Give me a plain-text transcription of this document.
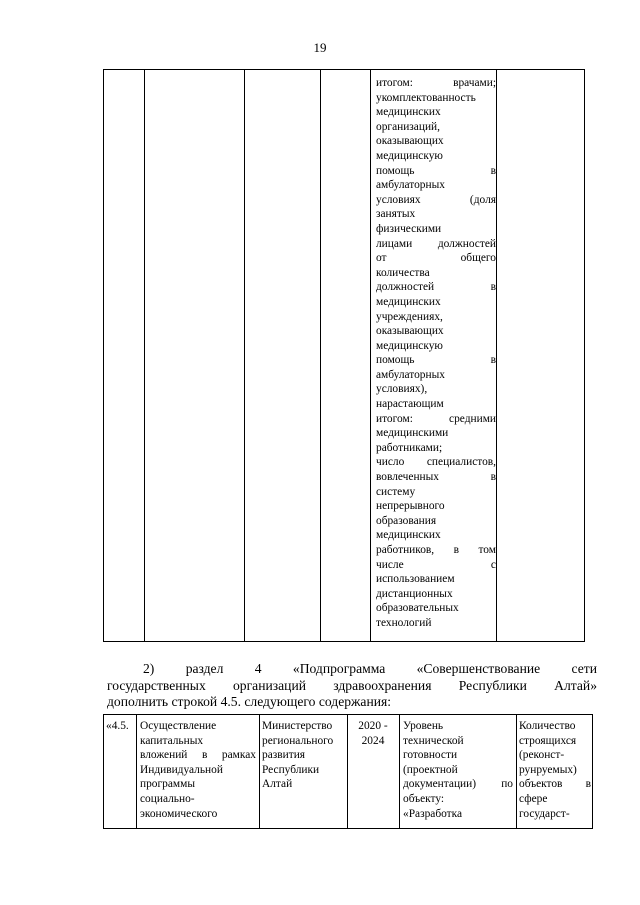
19
итогом: врачами;
укомплектованность
медицинских
организаций,
оказывающих
медицинскую
помощь в
амбулаторных
условиях (доля
занятых
физическими
лицами должностей
от общего
количества
должностей в
медицинских
учреждениях,
оказывающих
медицинскую
помощь в
амбулаторных
условиях),
нарастающим
итогом: средними
медицинскими
работниками;
число специалистов,
вовлеченных в
систему
непрерывного
образования
медицинских
работников, в том
числе с
использованием
дистанционных
образовательных
технологий
2) раздел 4 «Подпрограмма «Совершенствование сети
государственных организаций здравоохранения Республики Алтай»
дополнить строкой 4.5. следующего содержания:
«4.5. Осуществление
капитальных
вложений в рамках
Индивидуальной
программы
социально-
экономического
Министерство
регионального
развития
Республики
Алтай
2020 -
2024
Уровень
технической
готовности
(проектной
документации) по
объекту:
«Разработка
Количество
строящихся
(реконст-
рунруемых)
объектов в
сфере
государст-
